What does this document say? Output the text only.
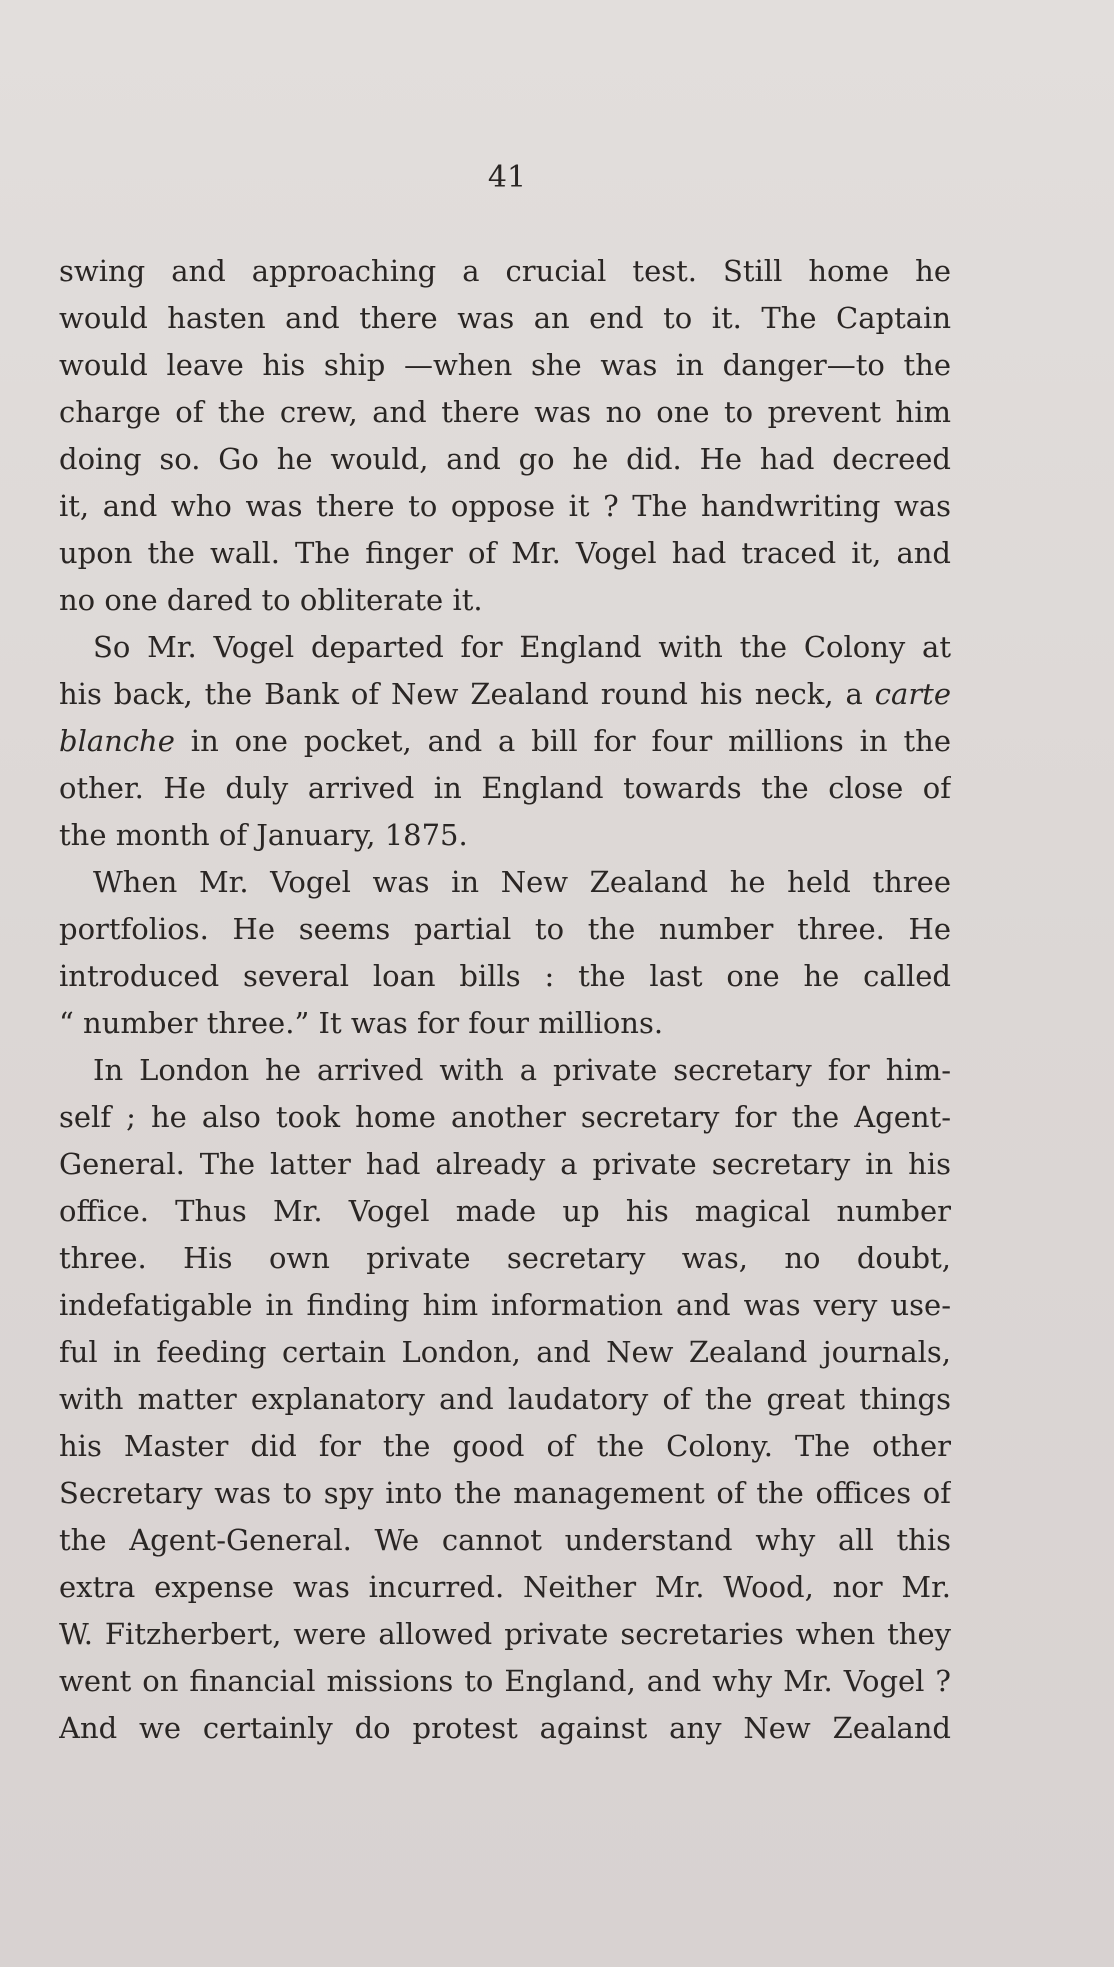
41
swing and approaching a crucial test. Still home he
would hasten and there was an end to it. The Captain
would leave his ship —when she was in danger—to the
charge of the crew, and there was no one to prevent him
doing so. Go he would, and go he did. He had decreed
it, and who was there to oppose it ? The handwriting was
upon the wall. The finger of Mr. Vogel had traced it, and
no one dared to obliterate it.
So Mr. Vogel departed for England with the Colony at
his back, the Bank of New Zealand round his neck, a carte
blanche in one pocket, and a bill for four millions in the
other. He duly arrived in England towards the close of
the month of January, 1875.
When Mr. Vogel was in New Zealand he held three
portfolios. He seems partial to the number three. He
introduced several loan bills : the last one he called
“ number three.” It was for four millions.
In London he arrived with a private secretary for him-
self ; he also took home another secretary for the Agent-
General. The latter had already a private secretary in his
office. Thus Mr. Vogel made up his magical number
three. His own private secretary was, no doubt,
indefatigable in finding him information and was very use-
ful in feeding certain London, and New Zealand journals,
with matter explanatory and laudatory of the great things
his Master did for the good of the Colony. The other
Secretary was to spy into the management of the offices of
the Agent-General. We cannot understand why all this
extra expense was incurred. Neither Mr. Wood, nor Mr.
W. Fitzherbert, were allowed private secretaries when they
went on financial missions to England, and why Mr. Vogel ?
And we certainly do protest against any New Zealand
